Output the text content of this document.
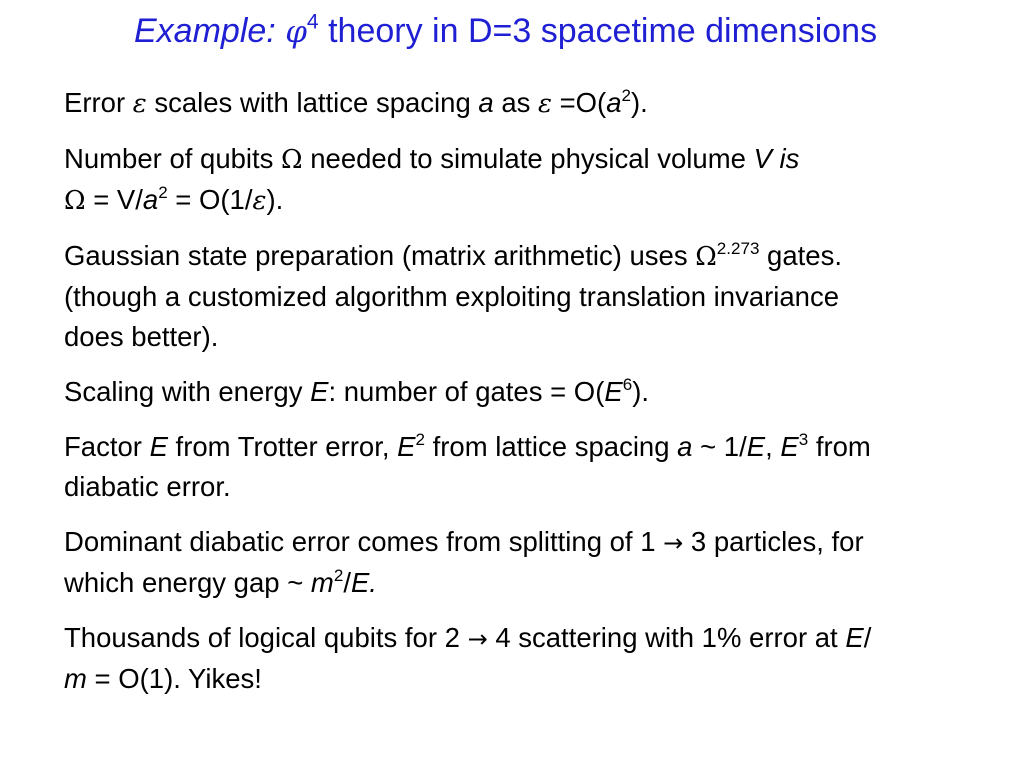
Example: $\varphi^4$ theory in D=3 spacetime dimensions

Error ε scales with lattice spacing a as $\varepsilon =O(a^2)$.

Number of qubits Ω needed to simulate physical volume V is
$\Omega = V/a^2 = O(1/\varepsilon)$.

Gaussian state preparation (matrix arithmetic) uses $\Omega^{2.273}$ gates.
(though a customized algorithm exploiting translation invariance
does better).

Scaling with energy E: number of gates = $O(E^6)$.

Factor E from Trotter error, $E^2$ from lattice spacing a ~ 1/E, $E^3$ from
diabatic error.

Dominant diabatic error comes from splitting of 1 → 3 particles, for
which energy gap ~ $m^2/E$.

Thousands of logical qubits for 2 → 4 scattering with 1% error at E/
m = O(1). Yikes!
